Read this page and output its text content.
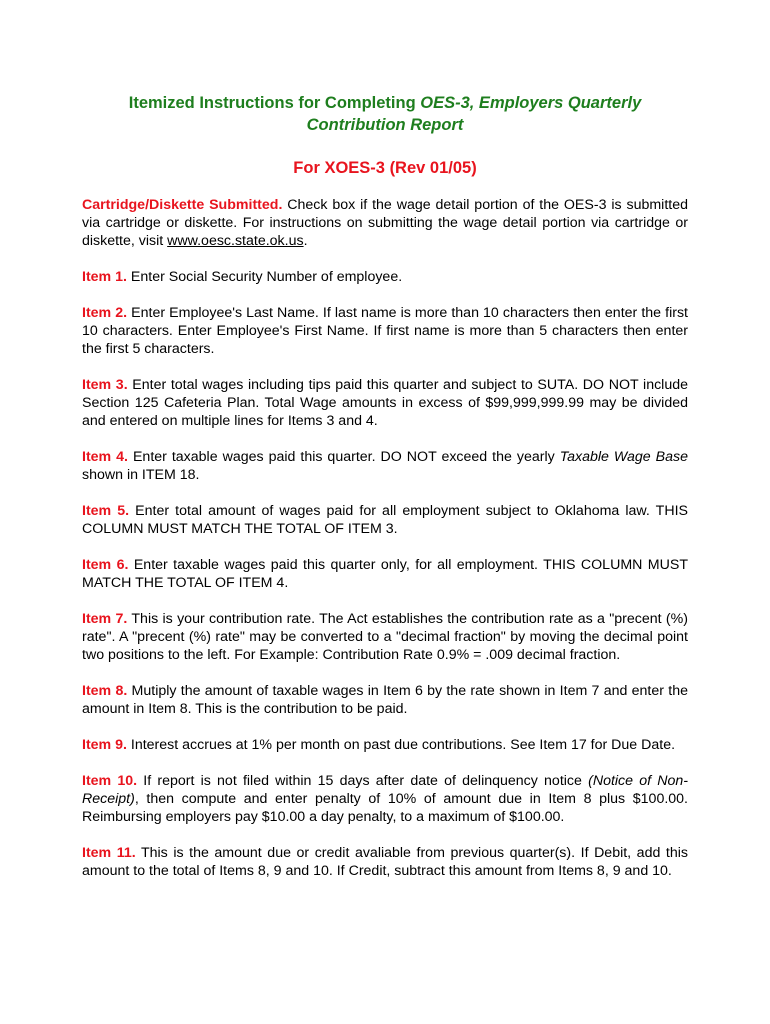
Itemized Instructions for Completing OES-3, Employers Quarterly
Contribution Report
For XOES-3 (Rev 01/05)

Cartridge/Diskette Submitted. Check box if the wage detail portion of the OES-3 is submitted via cartridge or diskette. For instructions on submitting the wage detail portion via cartridge or diskette, visit www.oesc.state.ok.us.

Item 1. Enter Social Security Number of employee.

Item 2. Enter Employee's Last Name. If last name is more than 10 characters then enter the first 10 characters. Enter Employee's First Name. If first name is more than 5 characters then enter the first 5 characters.

Item 3. Enter total wages including tips paid this quarter and subject to SUTA. DO NOT include Section 125 Cafeteria Plan. Total Wage amounts in excess of $99,999,999.99 may be divided and entered on multiple lines for Items 3 and 4.

Item 4. Enter taxable wages paid this quarter. DO NOT exceed the yearly Taxable Wage Base shown in ITEM 18.

Item 5. Enter total amount of wages paid for all employment subject to Oklahoma law. THIS COLUMN MUST MATCH THE TOTAL OF ITEM 3.

Item 6. Enter taxable wages paid this quarter only, for all employment. THIS COLUMN MUST MATCH THE TOTAL OF ITEM 4.

Item 7. This is your contribution rate. The Act establishes the contribution rate as a "precent (%) rate". A "precent (%) rate" may be converted to a "decimal fraction" by moving the decimal point two positions to the left. For Example: Contribution Rate 0.9% = .009 decimal fraction.

Item 8. Mutiply the amount of taxable wages in Item 6 by the rate shown in Item 7 and enter the amount in Item 8. This is the contribution to be paid.

Item 9. Interest accrues at 1% per month on past due contributions. See Item 17 for Due Date.

Item 10. If report is not filed within 15 days after date of delinquency notice (Notice of Non-Receipt), then compute and enter penalty of 10% of amount due in Item 8 plus $100.00. Reimbursing employers pay $10.00 a day penalty, to a maximum of $100.00.

Item 11. This is the amount due or credit avaliable from previous quarter(s). If Debit, add this amount to the total of Items 8, 9 and 10. If Credit, subtract this amount from Items 8, 9 and 10.
